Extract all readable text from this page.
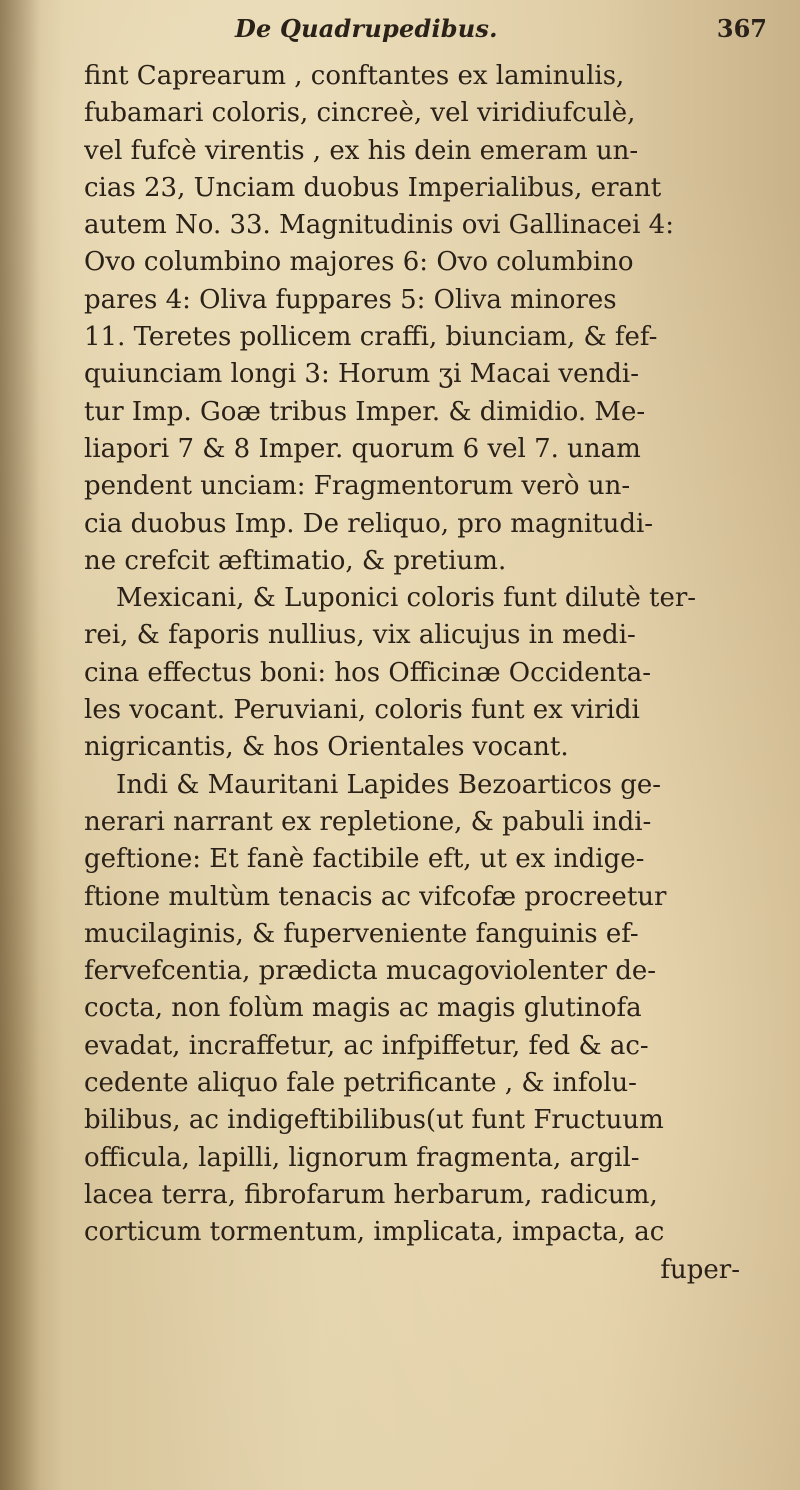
De Quadrupedibus.	367
fint Caprearum , conftantes ex laminulis,
fubamari coloris, cincreè, vel viridiufculè,
vel fufcè virentis , ex his dein emeram un-
cias 23, Unciam duobus Imperialibus, erant
autem No. 33. Magnitudinis ovi Gallinacei 4:
Ovo columbino majores 6: Ovo columbino
pares 4: Oliva fuppares 5: Oliva minores
11. Teretes pollicem craffi, biunciam, & fef-
quiunciam longi 3: Horum ʒi Macai vendi-
tur Imp. Goæ tribus Imper. & dimidio. Me-
liapori 7 & 8 Imper. quorum 6 vel 7. unam
pendent unciam: Fragmentorum verò un-
cia duobus Imp. De reliquo, pro magnitudi-
ne crefcit æftimatio, & pretium.
Mexicani, & Luponici coloris funt dilutè ter-
rei, & faporis nullius, vix alicujus in medi-
cina effectus boni: hos Officinæ Occidenta-
les vocant. Peruviani, coloris funt ex viridi
nigricantis, & hos Orientales vocant.
Indi & Mauritani Lapides Bezoarticos ge-
nerari narrant ex repletione, & pabuli indi-
geftione: Et fanè factibile eft, ut ex indige-
ftione multùm tenacis ac vifcofæ procreetur
mucilaginis, & fuperveniente fanguinis ef-
fervefcentia, prædicta mucagoviolenter de-
cocta, non folùm magis ac magis glutinofa
evadat, incraffetur, ac infpiffetur, fed & ac-
cedente aliquo fale petrificante , & infolu-
bilibus, ac indigeftibilibus(ut funt Fructuum
officula, lapilli, lignorum fragmenta, argil-
lacea terra, fibrofarum herbarum, radicum,
corticum tormentum, implicata, impacta, ac
fuper-
